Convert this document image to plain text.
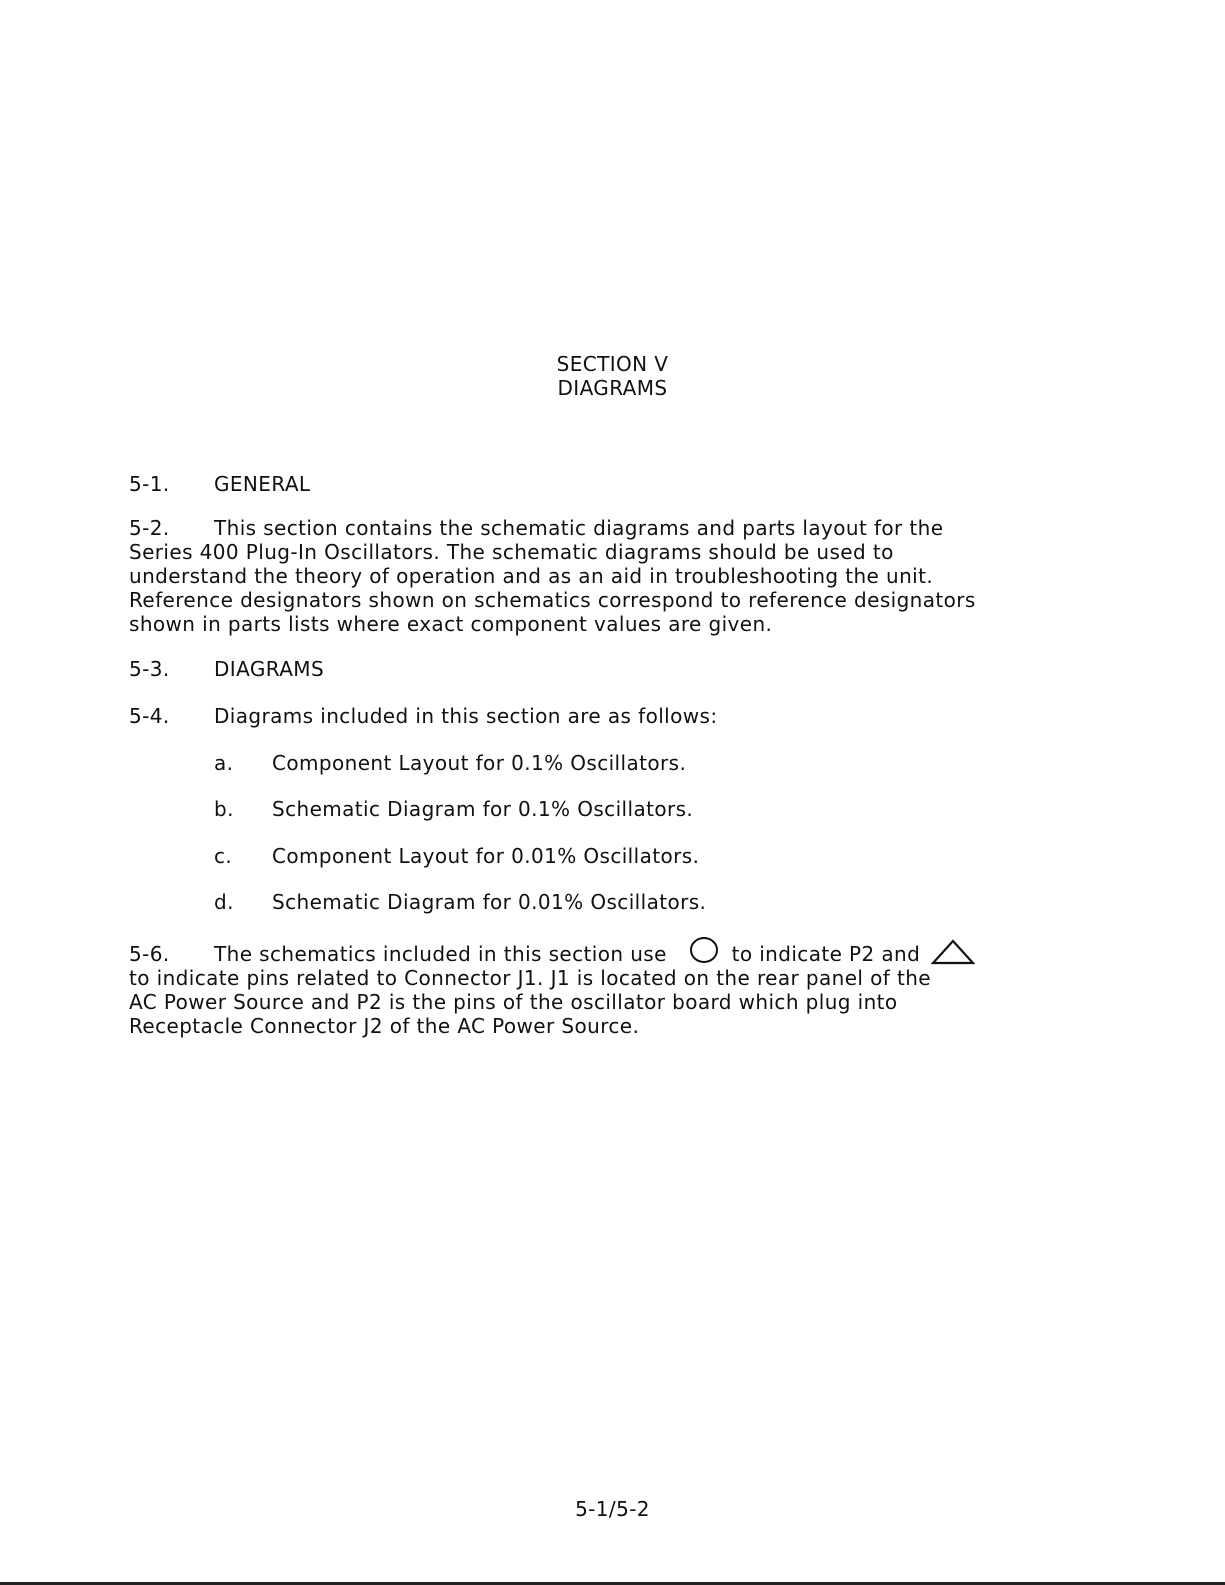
SECTION V
DIAGRAMS
5-1. GENERAL
5-2. This section contains the schematic diagrams and parts layout for the
Series 400 Plug-In Oscillators. The schematic diagrams should be used to
understand the theory of operation and as an aid in troubleshooting the unit.
Reference designators shown on schematics correspond to reference designators
shown in parts lists where exact component values are given.
5-3. DIAGRAMS
5-4. Diagrams included in this section are as follows:
a. Component Layout for 0.1% Oscillators.
b. Schematic Diagram for 0.1% Oscillators.
c. Component Layout for 0.01% Oscillators.
d. Schematic Diagram for 0.01% Oscillators.
5-6. The schematics included in this section use	to indicate P2 and
to indicate pins related to Connector J1. J1 is located on the rear panel of the
AC Power Source and P2 is the pins of the oscillator board which plug into
Receptacle Connector J2 of the AC Power Source.
5-1/5-2
